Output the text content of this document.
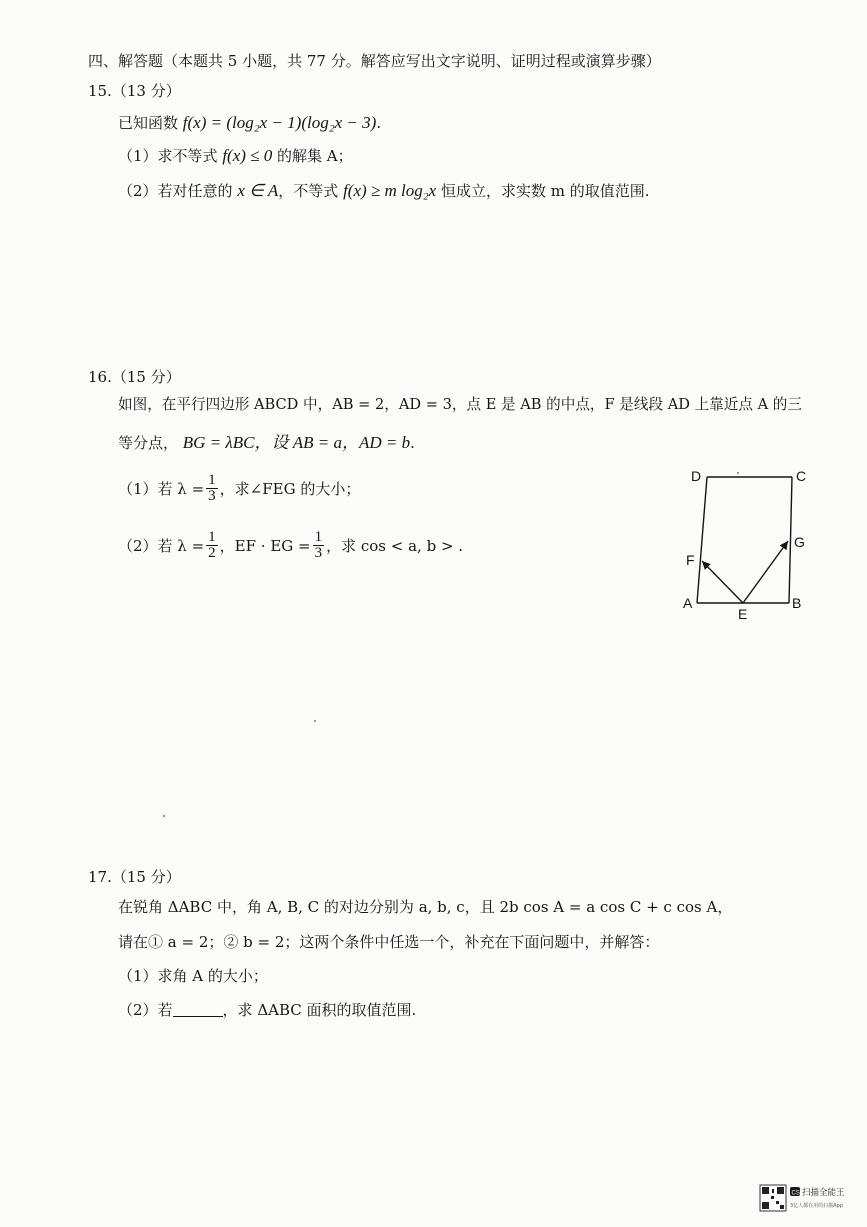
四、解答题（本题共 5 小题，共 77 分。解答应写出文字说明、证明过程或演算步骤）
15.（13 分）
已知函数 f(x) = (log₂x − 1)(log₂x − 3).
（1）求不等式 f(x) ≤ 0 的解集 A；
（2）若对任意的 x ∈ A，不等式 f(x) ≥ m log₂x 恒成立，求实数 m 的取值范围.
16.（15 分）
如图，在平行四边形 ABCD 中，AB = 2，AD = 3，点 E 是 AB 的中点，F 是线段 AD 上靠近点 A 的三
等分点， BG = λBC，设 AB = a，AD = b.
（1）若 $\lambda = \frac{1}{3}$ ，求∠FEG 的大小；
（2）若 $\lambda = \frac{1}{2}$ ，EF · EG = $\frac{1}{3}$ ，求 cos < a, b > .
D	C
A	B
E
F
G
17.（15 分）
在锐角 ΔABC 中，角 A, B, C 的对边分别为 a, b, c，且 2b cos A = a cos C + c cos A，
请在① a = 2；② b = 2；这两个条件中任选一个，补充在下面问题中，并解答：
（1）求角 A 的大小；
（2）若	，求 ΔABC 面积的取值范围.
CS 扫描全能王
3亿人都在用的扫描App
